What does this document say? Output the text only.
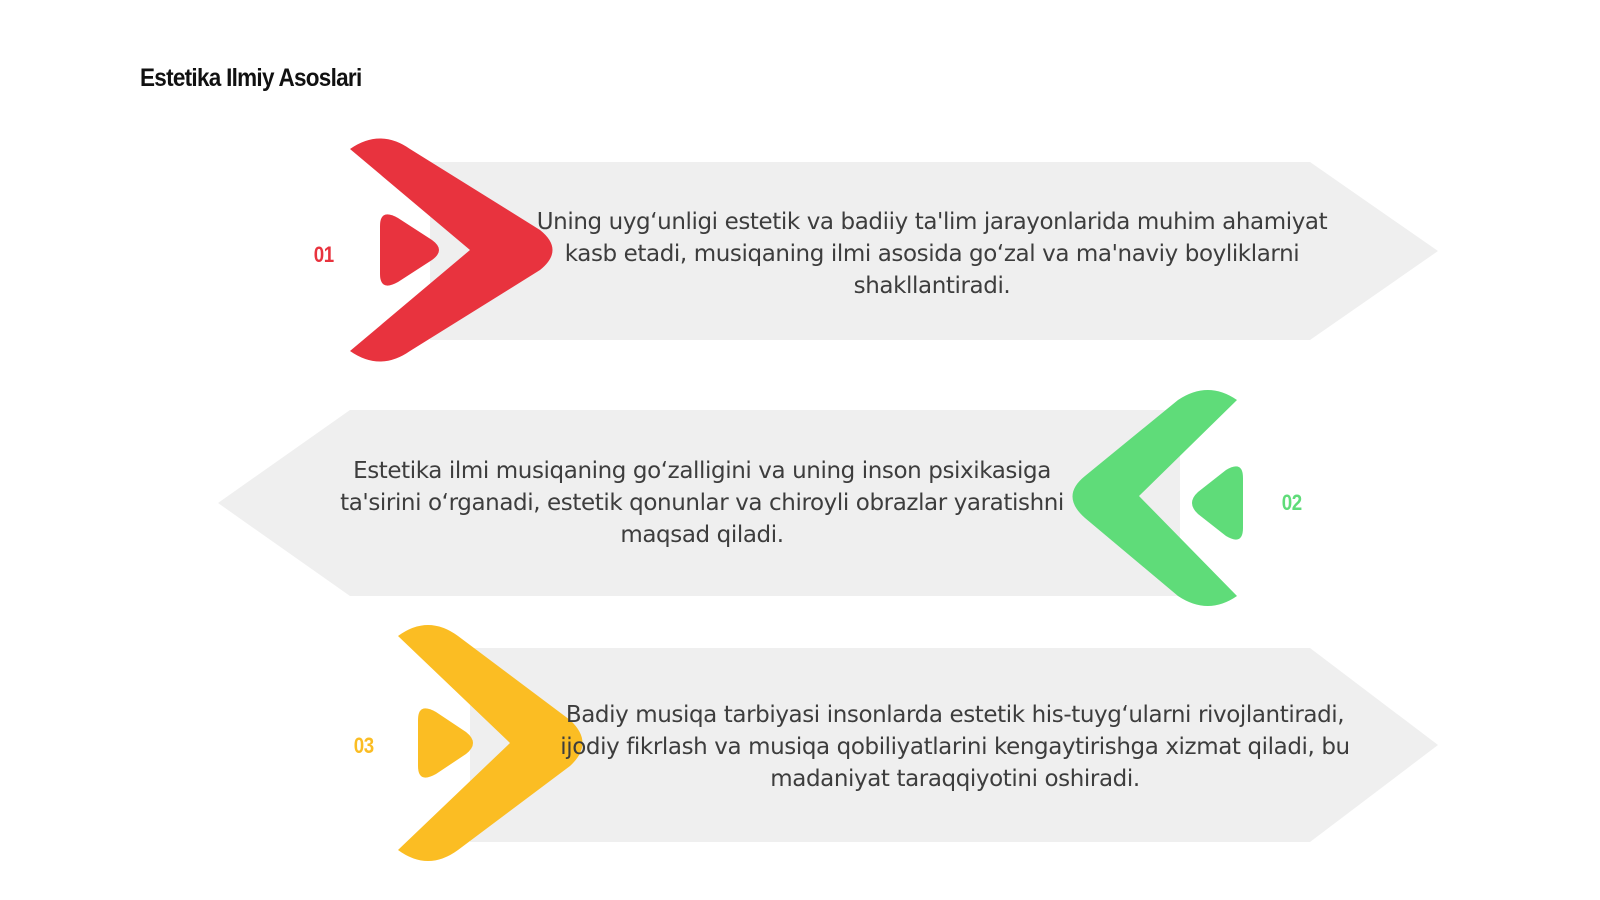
Estetika Ilmiy Asoslari
01

Uning uyg‘unligi estetik va badiiy ta'lim jarayonlarida muhim ahamiyat kasb etadi, musiqaning ilmi asosida go‘zal va ma'naviy boyliklarni shakllantiradi.

02

Estetika ilmi musiqaning go‘zalligini va uning inson psixikasiga ta'sirini o‘rganadi, estetik qonunlar va chiroyli obrazlar yaratishni maqsad qiladi.

03

Badiy musiqa tarbiyasi insonlarda estetik his-tuyg‘ularni rivojlantiradi, ijodiy fikrlash va musiqa qobiliyatlarini kengaytirishga xizmat qiladi, bu madaniyat taraqqiyotini oshiradi.
